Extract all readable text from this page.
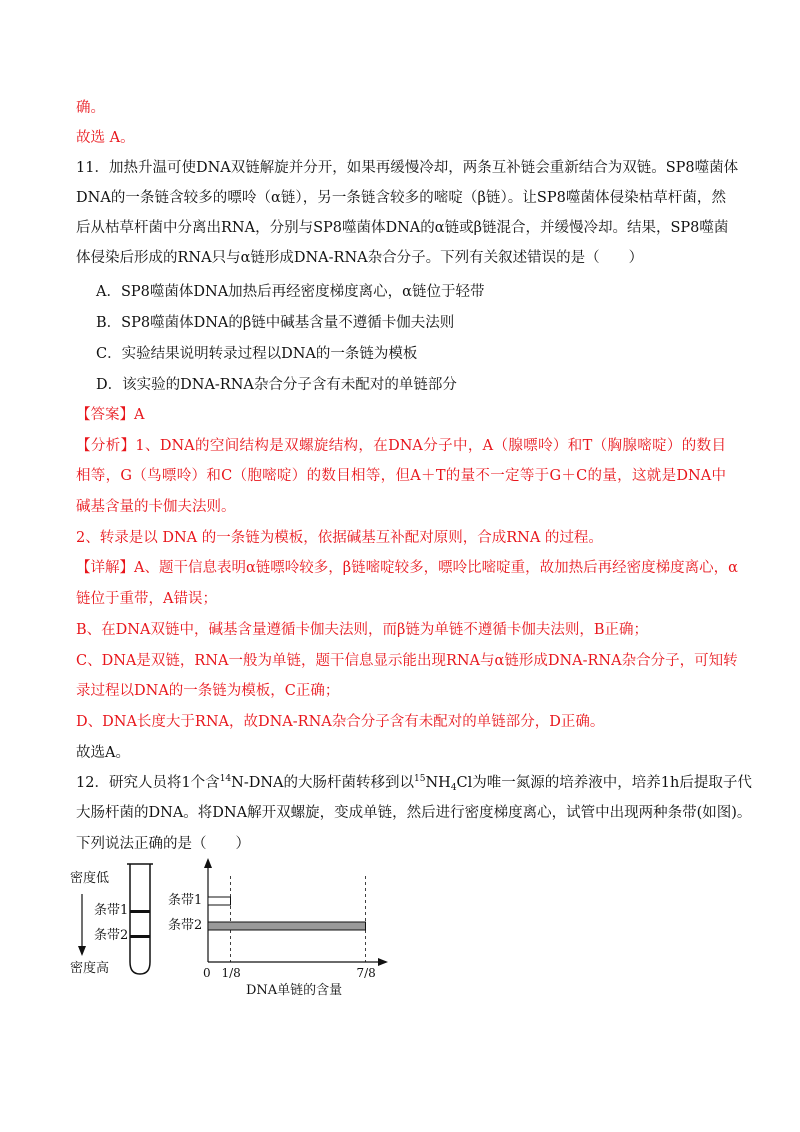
确。
故选 A。
11．加热升温可使DNA双链解旋并分开，如果再缓慢冷却，两条互补链会重新结合为双链。SP8噬菌体
DNA的一条链含较多的嘌呤（α链），另一条链含较多的嘧啶（β链）。让SP8噬菌体侵染枯草杆菌，然
后从枯草杆菌中分离出RNA，分别与SP8噬菌体DNA的α链或β链混合，并缓慢冷却。结果，SP8噬菌
体侵染后形成的RNA只与α链形成DNA-RNA杂合分子。下列有关叙述错误的是（　　）
A．SP8噬菌体DNA加热后再经密度梯度离心，α链位于轻带
B．SP8噬菌体DNA的β链中碱基含量不遵循卡伽夫法则
C．实验结果说明转录过程以DNA的一条链为模板
D．该实验的DNA-RNA杂合分子含有未配对的单链部分
【答案】A
【分析】1、DNA的空间结构是双螺旋结构，在DNA分子中，A（腺嘌呤）和T（胸腺嘧啶）的数目
相等，G（鸟嘌呤）和C（胞嘧啶）的数目相等，但A＋T的量不一定等于G＋C的量，这就是DNA中
碱基含量的卡伽夫法则。
2、转录是以 DNA 的一条链为模板，依据碱基互补配对原则，合成RNA 的过程。
【详解】A、题干信息表明α链嘌呤较多，β链嘧啶较多，嘌呤比嘧啶重，故加热后再经密度梯度离心，α
链位于重带，A错误；
B、在DNA双链中，碱基含量遵循卡伽夫法则，而β链为单链不遵循卡伽夫法则，B正确；
C、DNA是双链，RNA一般为单链，题干信息显示能出现RNA与α链形成DNA-RNA杂合分子，可知转
录过程以DNA的一条链为模板，C正确；
D、DNA长度大于RNA，故DNA-RNA杂合分子含有未配对的单链部分，D正确。
故选A。
12．研究人员将1个含$^{14}$N-DNA的大肠杆菌转移到以$^{15}NH_4Cl$为唯一氮源的培养液中，培养1h后提取子代
大肠杆菌的DNA。将DNA解开双螺旋，变成单链，然后进行密度梯度离心，试管中出现两种条带(如图)。
下列说法正确的是（　　）
密度低
条带1
条带2
密度高
条带1
条带2
0 1/8	7/8
DNA单链的含量
